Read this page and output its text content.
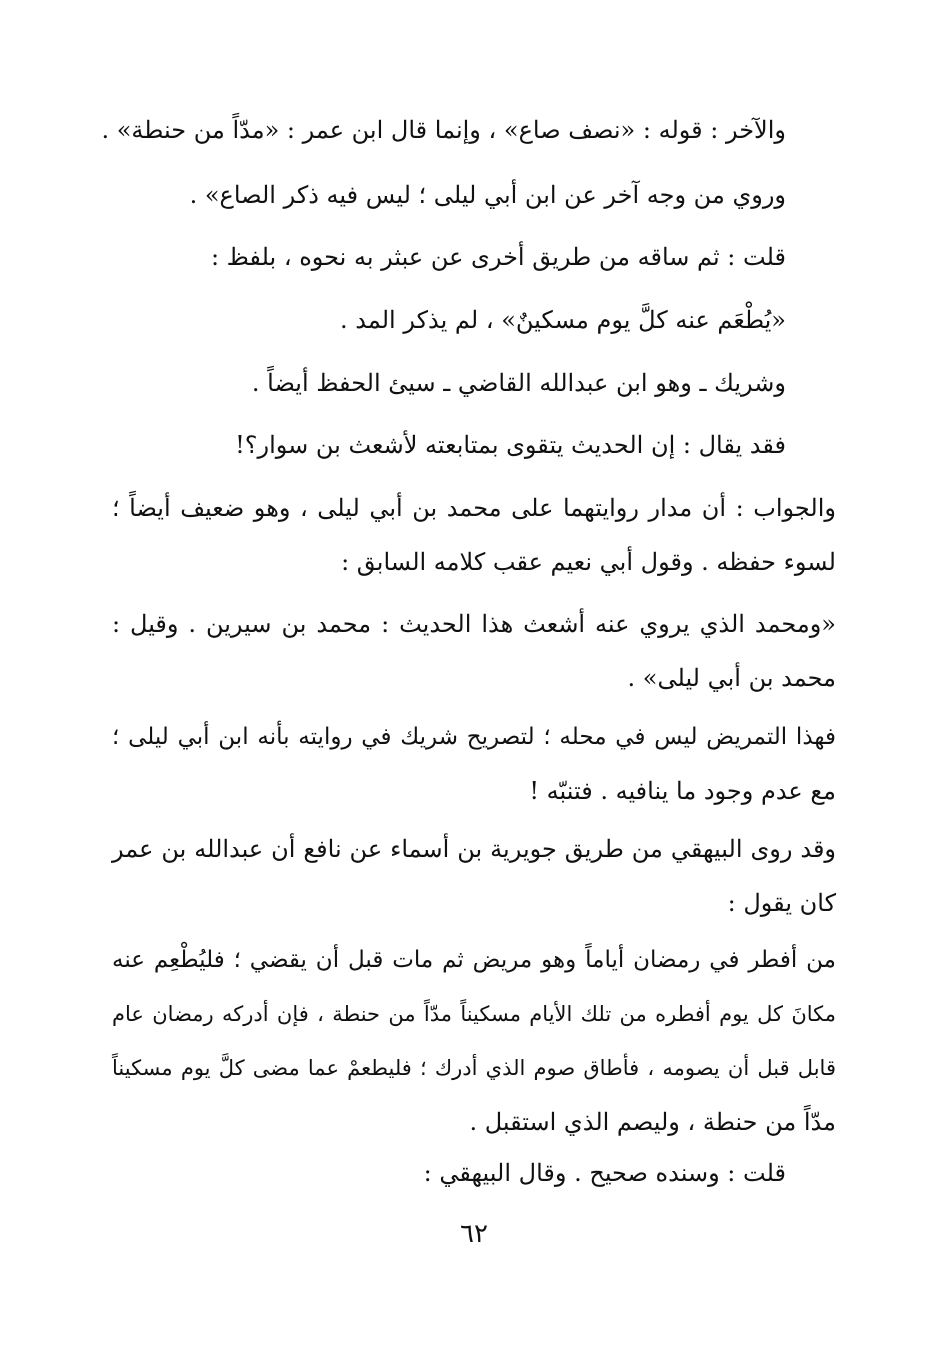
والآخر : قوله : «نصف صاع» ، وإنما قال ابن عمر : «مدّاً من حنطة» .
وروي من وجه آخر عن ابن أبي ليلى ؛ ليس فيه ذكر الصاع» .
قلت : ثم ساقه من طريق أخرى عن عبثر به نحوه ، بلفظ :
«يُطْعَم عنه كلَّ يوم مسكينٌ» ، لم يذكر المد .
وشريك ـ وهو ابن عبدالله القاضي ـ سيئ الحفظ أيضاً .
فقد يقال : إن الحديث يتقوى بمتابعته لأشعث بن سوار؟!
والجواب : أن مدار روايتهما على محمد بن أبي ليلى ، وهو ضعيف أيضاً ؛
لسوء حفظه . وقول أبي نعيم عقب كلامه السابق :
«ومحمد الذي يروي عنه أشعث هذا الحديث : محمد بن سيرين . وقيل :
محمد بن أبي ليلى» .
فهذا التمريض ليس في محله ؛ لتصريح شريك في روايته بأنه ابن أبي ليلى ؛
مع عدم وجود ما ينافيه . فتنبّه !
وقد روى البيهقي من طريق جويرية بن أسماء عن نافع أن عبدالله بن عمر
كان يقول :
من أفطر في رمضان أياماً وهو مريض ثم مات قبل أن يقضي ؛ فليُطْعِم عنه
مكانَ كل يوم أفطره من تلك الأيام مسكيناً مدّاً من حنطة ، فإن أدركه رمضان عام
قابل قبل أن يصومه ، فأطاق صوم الذي أدرك ؛ فليطعمْ عما مضى كلَّ يوم مسكيناً
مدّاً من حنطة ، وليصم الذي استقبل .
قلت : وسنده صحيح . وقال البيهقي :
٦٢
